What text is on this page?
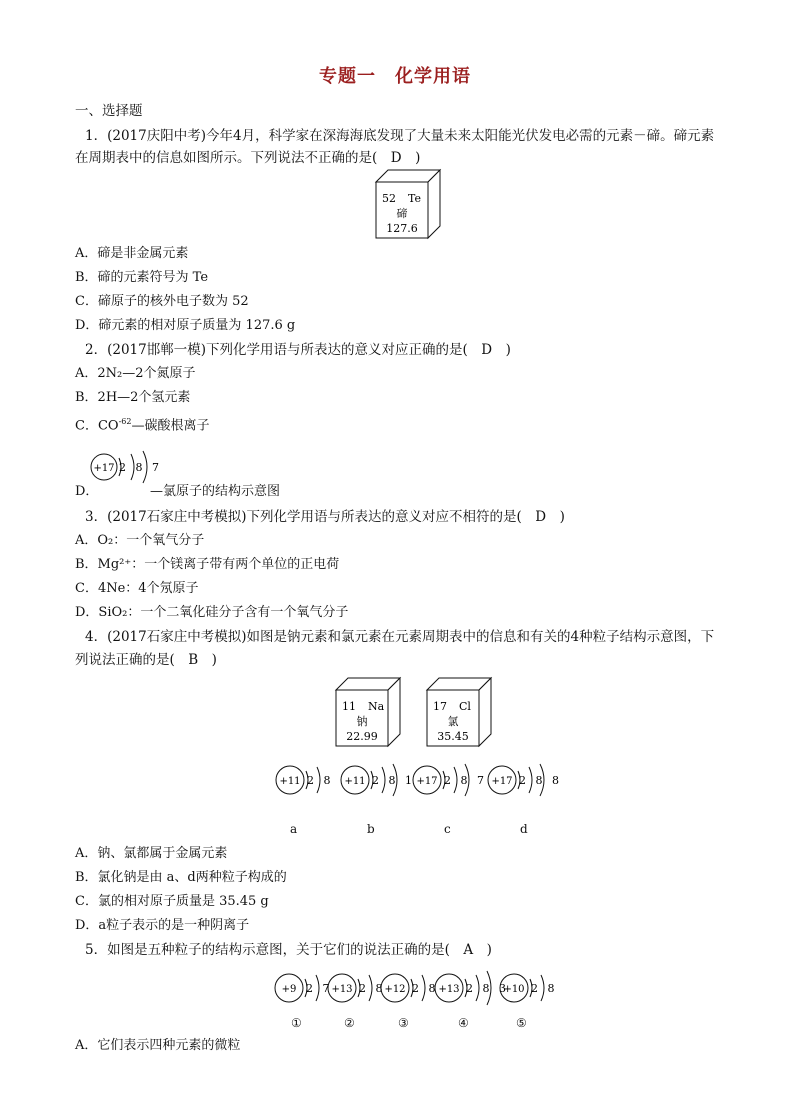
专题一　化学用语
一、选择题
1．(2017庆阳中考)今年4月，科学家在深海海底发现了大量未来太阳能光伏发电必需的元素－碲。碲元素
在周期表中的信息如图所示。下列说法不正确的是(　D　)
52 Te
碲
127.6
A．碲是非金属元素
B．碲的元素符号为 Te
C．碲原子的核外电子数为 52
D．碲元素的相对原子质量为 127.6 g
2．(2017邯郸一模)下列化学用语与所表达的意义对应正确的是(　D　)
A．2N₂—2个氮原子
B．2H—2个氢元素
C．$CO^{-62}—$碳酸根离子
+17 2 8 7
D．	—氯原子的结构示意图
3．(2017石家庄中考模拟)下列化学用语与所表达的意义对应不相符的是(　D　)
A．O₂：一个氧气分子
B．Mg²⁺：一个镁离子带有两个单位的正电荷
C．4Ne：4个氖原子
D．SiO₂：一个二氧化硅分子含有一个氧气分子
4．(2017石家庄中考模拟)如图是钠元素和氯元素在元素周期表中的信息和有关的4种粒子结构示意图，下
列说法正确的是(　B　)
11 Na
钠
22.99
17 Cl
氯
35.45
+11 2 8 +11 2 8 1 +17 2 8 7 +17 2 8 8
a	b	c	d
A．钠、氯都属于金属元素
B．氯化钠是由 a、d两种粒子构成的
C．氯的相对原子质量是 35.45 g
D．a粒子表示的是一种阴离子
5．如图是五种粒子的结构示意图，关于它们的说法正确的是(　A　)
+9 2 7
+13 2 8
+12 2 8 +13 2 8 3
+10 2 8
①	②	③	④	⑤
A．它们表示四种元素的微粒
